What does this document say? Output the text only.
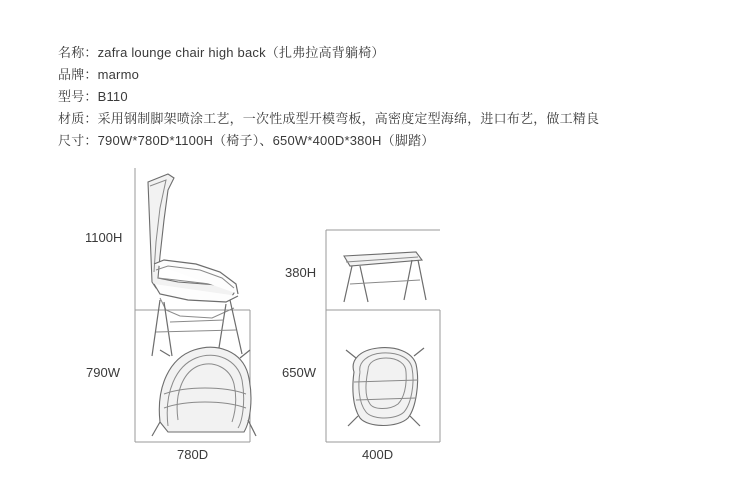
名称：zafra lounge chair high back（扎弗拉高背躺椅）
品牌：marmo
型号：B110
材质：采用钢制脚架喷涂工艺，一次性成型开模弯板，高密度定型海绵，进口布艺，做工精良
尺寸：790W*780D*1100H（椅子）、650W*400D*380H（脚踏）
1100H
790W
780D
380H
650W
400D
